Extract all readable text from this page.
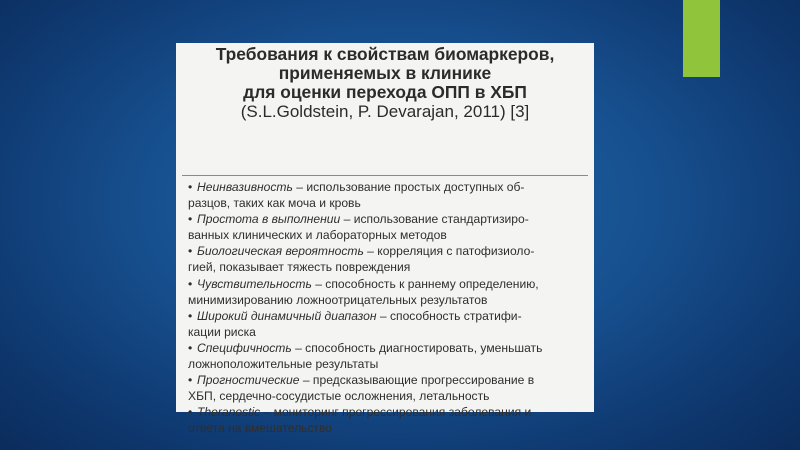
Требования к свойствам биомаркеров,
применяемых в клинике
для оценки перехода ОПП в ХБП
(S.L.Goldstein, P. Devarajan, 2011) [3]
• Неинвазивность – использование простых доступных об-
разцов, таких как моча и кровь
• Простота в выполнении – использование стандартизиро-
ванных клинических и лабораторных методов
• Биологическая вероятность – корреляция с патофизиоло-
гией, показывает тяжесть повреждения
• Чувствительность – способность к раннему определению,
минимизированию ложноотрицательных результатов
• Широкий динамичный диапазон – способность стратифи-
кации риска
• Специфичность – способность диагностировать, уменьшать
ложноположительные результаты
• Прогностические – предсказывающие прогрессирование в
ХБП, сердечно-сосудистые осложнения, летальность
• Theranostic – мониторинг прогрессирования заболевания и
ответа на вмешательство
